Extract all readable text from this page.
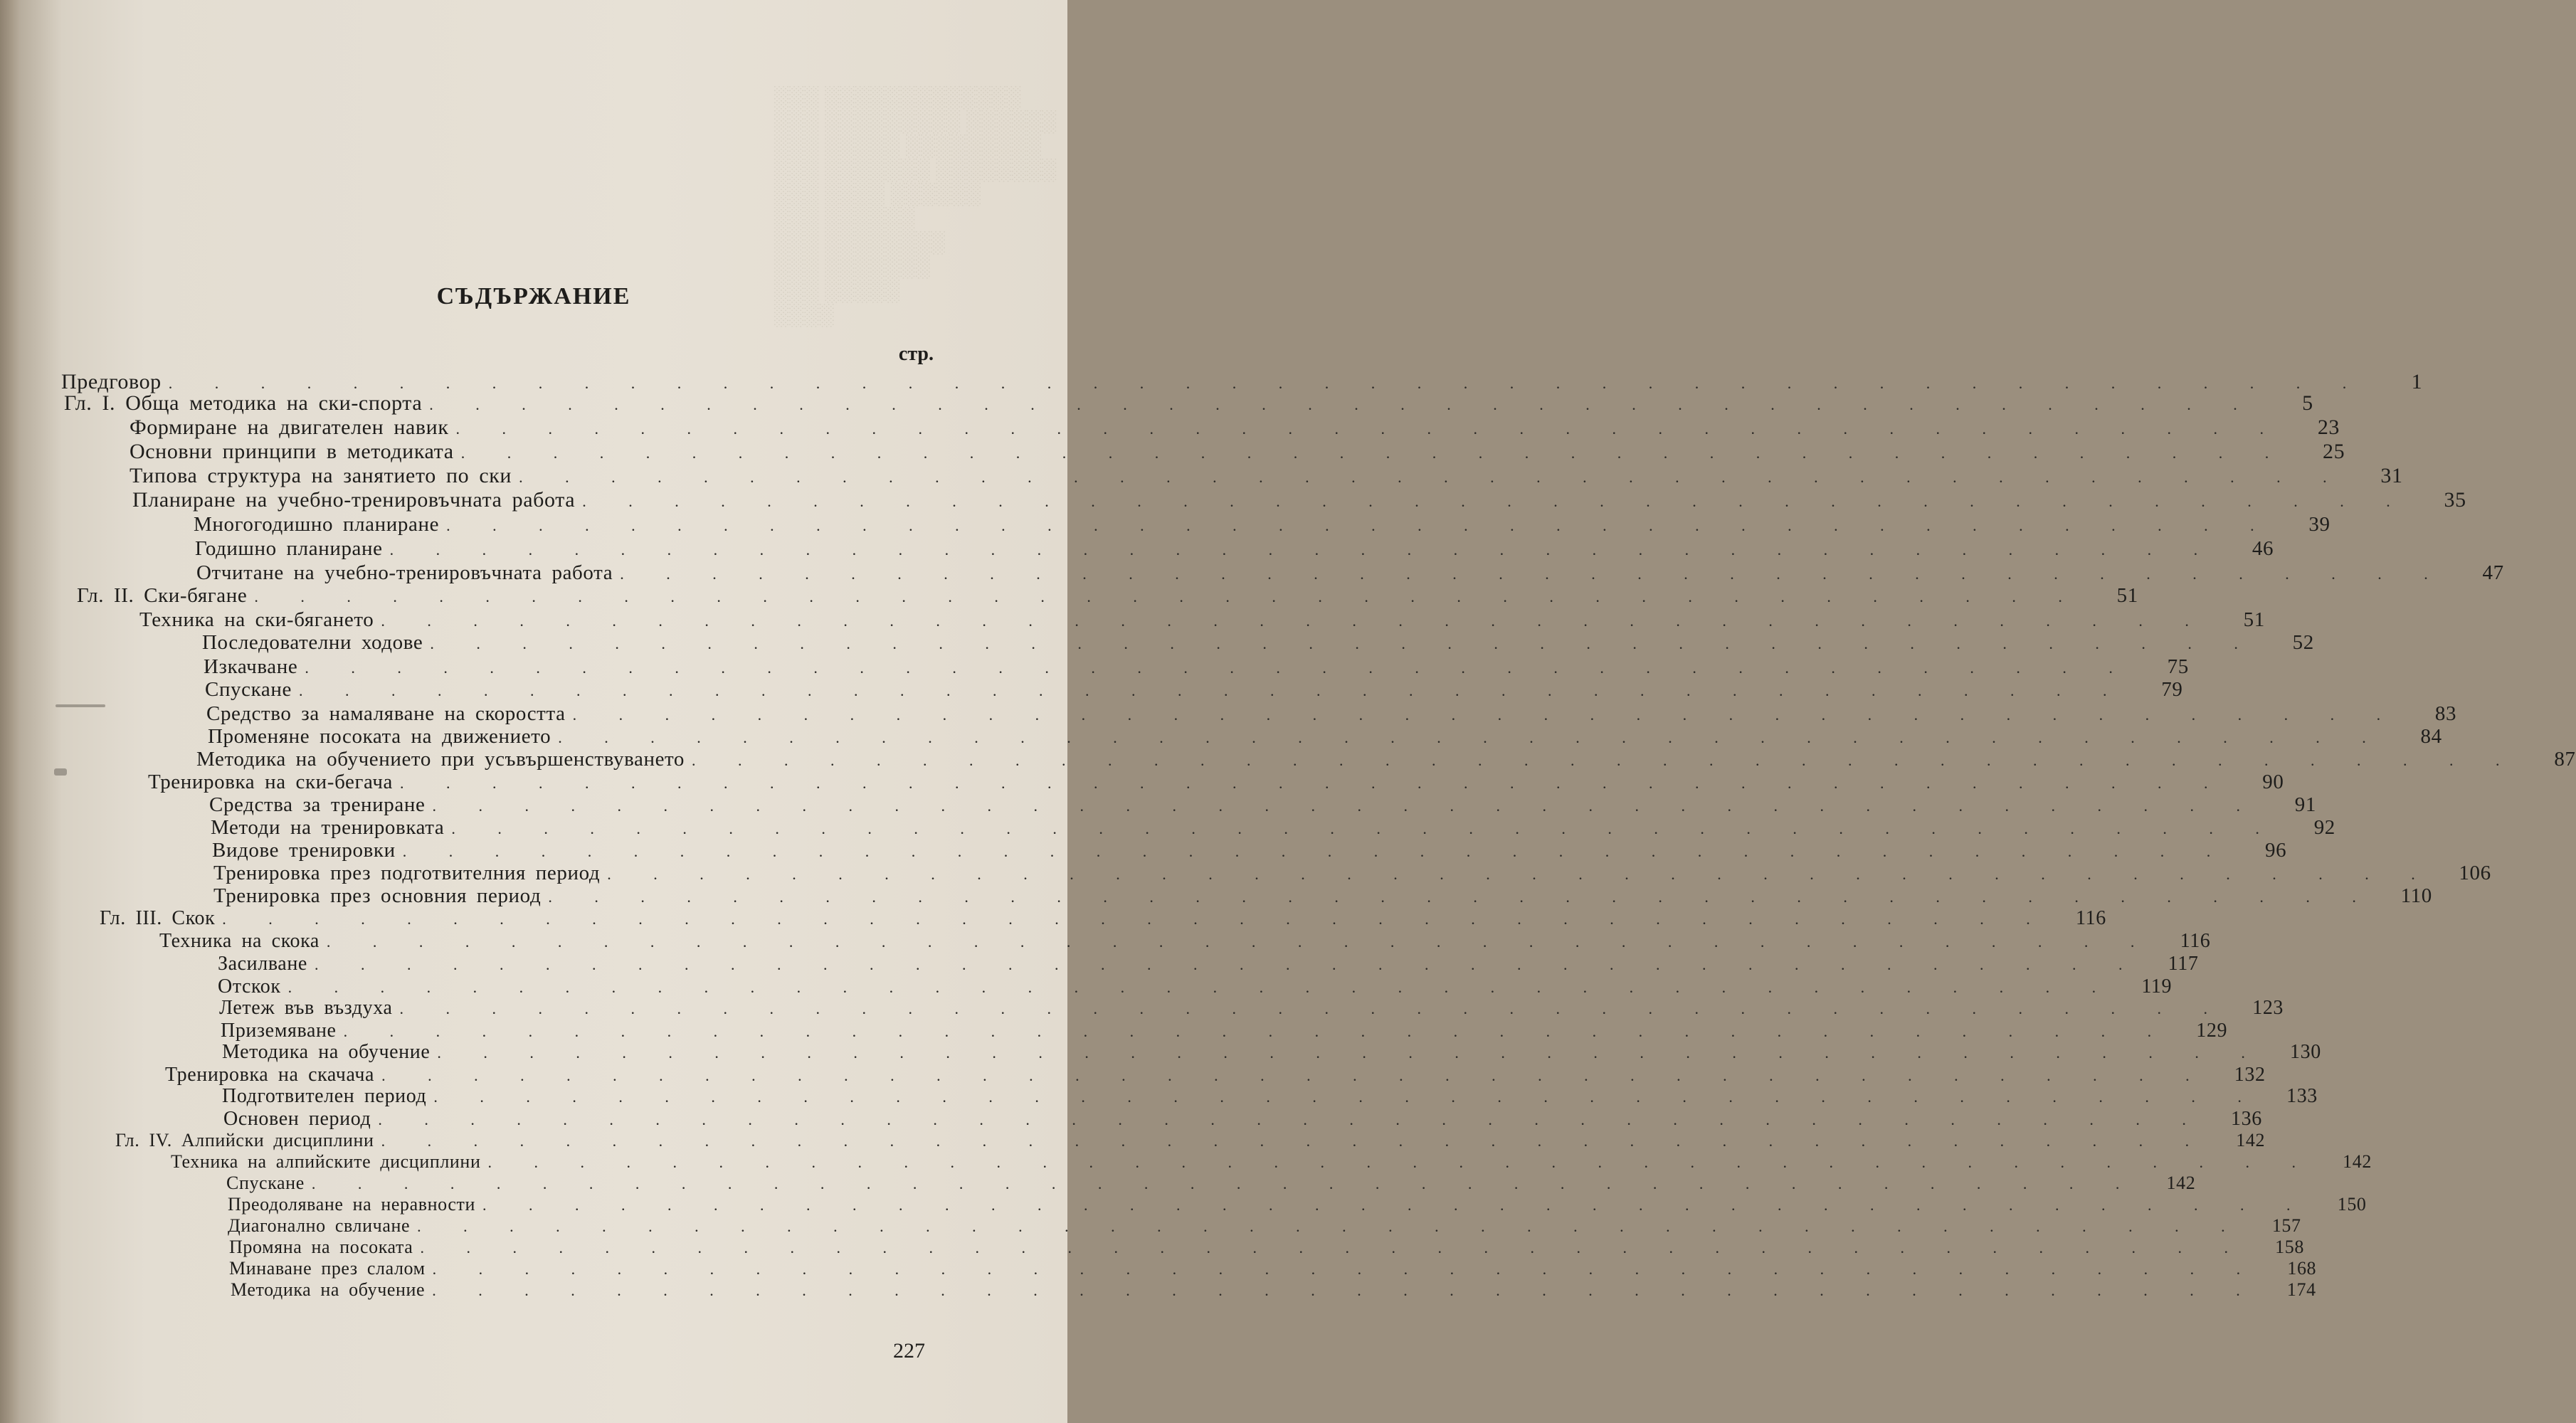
░░░░░░░░░░░░░ ░░░
░░░░░░ ░░░░░░░░░ ░░░
░░░░░░░░░ ░░░░░ ░░░
░░░░░░░░ ░░░░░░░ ░░░
░░░░░░ ░░░░ ░░░
░░░░░░ ░░░
░░░░░░░░ ░░░
░░░░░░░ ░░░
░░░░░ ░░░
░░░░
СЪДЪРЖАНИЕ
стр.
Предговор . . . . . . . . . . . . . . . . . . . . . . . . . . . . . . . . . . . . . . . . . . . . . . . .	1
Гл. I. Обща методика на ски-спорта . . . . . . . . . . . . . . . . . . . . . . . . . . . . . . . . . . . . . . . .	5
Формиране на двигателен навик . . . . . . . . . . . . . . . . . . . . . . . . . . . . . . . . . . . . . . . .	23
Основни принципи в методиката . . . . . . . . . . . . . . . . . . . . . . . . . . . . . . . . . . . . . . . .	25
Типова структура на занятието по ски . . . . . . . . . . . . . . . . . . . . . . . . . . . . . . . . . . . . . . . .	31
Планиране на учебно-тренировъчната работа . . . . . . . . . . . . . . . . . . . . . . . . . . . . . . . . . . . . . . . .	35
Многогодишно планиране . . . . . . . . . . . . . . . . . . . . . . . . . . . . . . . . . . . . . . . .	39
Годишно планиране . . . . . . . . . . . . . . . . . . . . . . . . . . . . . . . . . . . . . . . .	46
Отчитане на учебно-тренировъчната работа . . . . . . . . . . . . . . . . . . . . . . . . . . . . . . . . . . . . . . . .	47
Гл. II. Ски-бягане . . . . . . . . . . . . . . . . . . . . . . . . . . . . . . . . . . . . . . . .	51
Техника на ски-бягането . . . . . . . . . . . . . . . . . . . . . . . . . . . . . . . . . . . . . . . .	51
Последователни ходове . . . . . . . . . . . . . . . . . . . . . . . . . . . . . . . . . . . . . . . .	52
Изкачване . . . . . . . . . . . . . . . . . . . . . . . . . . . . . . . . . . . . . . . .	75
Спускане . . . . . . . . . . . . . . . . . . . . . . . . . . . . . . . . . . . . . . . .	79
Средство за намаляване на скоростта . . . . . . . . . . . . . . . . . . . . . . . . . . . . . . . . . . . . . . . .	83
Променяне посоката на движението . . . . . . . . . . . . . . . . . . . . . . . . . . . . . . . . . . . . . . . .	84
Методика на обучението при усъвършенствуването . . . . . . . . . . . . . . . . . . . . . . . . . . . . . . . . . . . . . . . .	87
Тренировка на ски-бегача . . . . . . . . . . . . . . . . . . . . . . . . . . . . . . . . . . . . . . . .	90
Средства за трениране . . . . . . . . . . . . . . . . . . . . . . . . . . . . . . . . . . . . . . . .	91
Методи на тренировката . . . . . . . . . . . . . . . . . . . . . . . . . . . . . . . . . . . . . . . .	92
Видове тренировки . . . . . . . . . . . . . . . . . . . . . . . . . . . . . . . . . . . . . . . .	96
Тренировка през подготвителния период . . . . . . . . . . . . . . . . . . . . . . . . . . . . . . . . . . . . . . . .	106
Тренировка през основния период . . . . . . . . . . . . . . . . . . . . . . . . . . . . . . . . . . . . . . . .	110
Гл. III. Скок . . . . . . . . . . . . . . . . . . . . . . . . . . . . . . . . . . . . . . . .	116
Техника на скока . . . . . . . . . . . . . . . . . . . . . . . . . . . . . . . . . . . . . . . .	116
Засилване . . . . . . . . . . . . . . . . . . . . . . . . . . . . . . . . . . . . . . . .	117
Отскок . . . . . . . . . . . . . . . . . . . . . . . . . . . . . . . . . . . . . . . .	119
Летеж във въздуха . . . . . . . . . . . . . . . . . . . . . . . . . . . . . . . . . . . . . . . .	123
Приземяване . . . . . . . . . . . . . . . . . . . . . . . . . . . . . . . . . . . . . . . .	129
Методика на обучение . . . . . . . . . . . . . . . . . . . . . . . . . . . . . . . . . . . . . . . .	130
Тренировка на скачача . . . . . . . . . . . . . . . . . . . . . . . . . . . . . . . . . . . . . . . .	132
Подготвителен период . . . . . . . . . . . . . . . . . . . . . . . . . . . . . . . . . . . . . . . .	133
Основен период . . . . . . . . . . . . . . . . . . . . . . . . . . . . . . . . . . . . . . . .	136
Гл. IV. Алпийски дисциплини . . . . . . . . . . . . . . . . . . . . . . . . . . . . . . . . . . . . . . . .	142
Техника на алпийските дисциплини . . . . . . . . . . . . . . . . . . . . . . . . . . . . . . . . . . . . . . . .	142
Спускане . . . . . . . . . . . . . . . . . . . . . . . . . . . . . . . . . . . . . . . .	142
Преодоляване на неравности . . . . . . . . . . . . . . . . . . . . . . . . . . . . . . . . . . . . . . . .	150
Диагонално свличане . . . . . . . . . . . . . . . . . . . . . . . . . . . . . . . . . . . . . . . .	157
Промяна на посоката . . . . . . . . . . . . . . . . . . . . . . . . . . . . . . . . . . . . . . . .	158
Минаване през слалом . . . . . . . . . . . . . . . . . . . . . . . . . . . . . . . . . . . . . . . .	168
Методика на обучение . . . . . . . . . . . . . . . . . . . . . . . . . . . . . . . . . . . . . . . .	174
227
